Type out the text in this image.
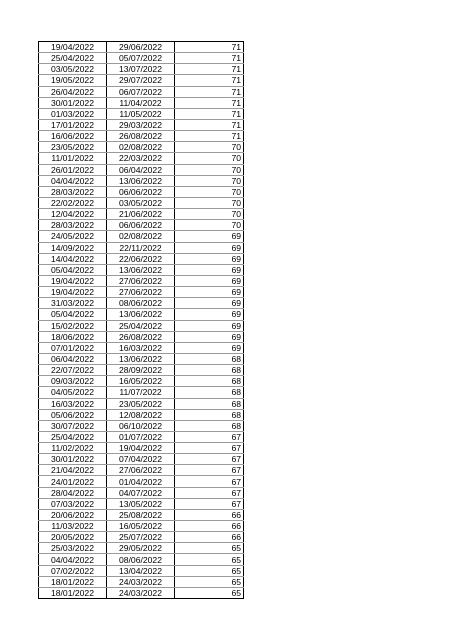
19/04/2022	29/06/2022	71
25/04/2022	05/07/2022	71
03/05/2022	13/07/2022	71
19/05/2022	29/07/2022	71
26/04/2022	06/07/2022	71
30/01/2022	11/04/2022	71
01/03/2022	11/05/2022	71
17/01/2022	29/03/2022	71
16/06/2022	26/08/2022	71
23/05/2022	02/08/2022	70
11/01/2022	22/03/2022	70
26/01/2022	06/04/2022	70
04/04/2022	13/06/2022	70
28/03/2022	06/06/2022	70
22/02/2022	03/05/2022	70
12/04/2022	21/06/2022	70
28/03/2022	06/06/2022	70
24/05/2022	02/08/2022	69
14/09/2022	22/11/2022	69
14/04/2022	22/06/2022	69
05/04/2022	13/06/2022	69
19/04/2022	27/06/2022	69
19/04/2022	27/06/2022	69
31/03/2022	08/06/2022	69
05/04/2022	13/06/2022	69
15/02/2022	25/04/2022	69
18/06/2022	26/08/2022	69
07/01/2022	16/03/2022	69
06/04/2022	13/06/2022	68
22/07/2022	28/09/2022	68
09/03/2022	16/05/2022	68
04/05/2022	11/07/2022	68
16/03/2022	23/05/2022	68
05/06/2022	12/08/2022	68
30/07/2022	06/10/2022	68
25/04/2022	01/07/2022	67
11/02/2022	19/04/2022	67
30/01/2022	07/04/2022	67
21/04/2022	27/06/2022	67
24/01/2022	01/04/2022	67
28/04/2022	04/07/2022	67
07/03/2022	13/05/2022	67
20/06/2022	25/08/2022	66
11/03/2022	16/05/2022	66
20/05/2022	25/07/2022	66
25/03/2022	29/05/2022	65
04/04/2022	08/06/2022	65
07/02/2022	13/04/2022	65
18/01/2022	24/03/2022	65
18/01/2022	24/03/2022	65
